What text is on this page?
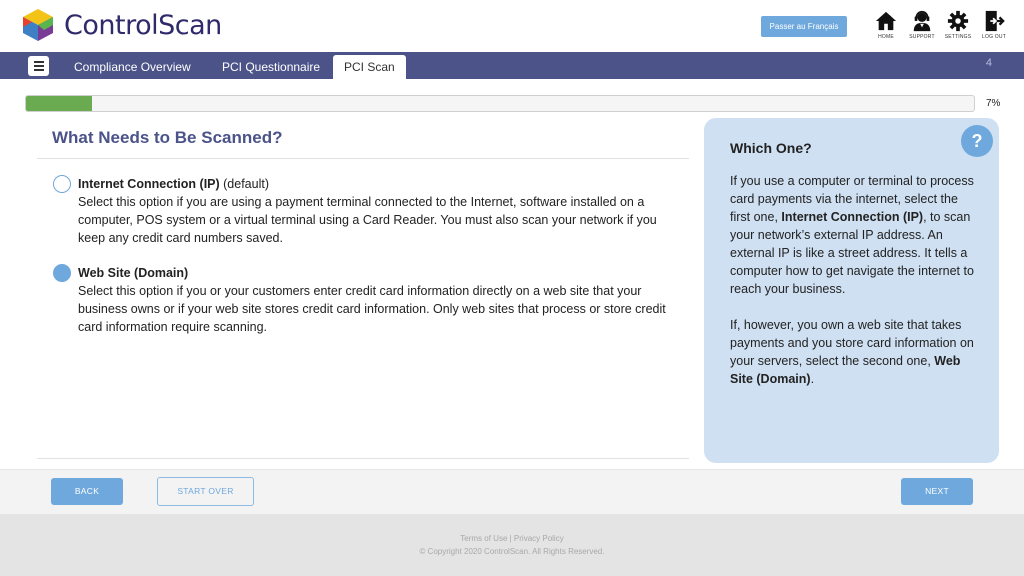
ControlScan	Passer au Français
HOME	SUPPORT SETTINGS LOG OUT
Compliance Overview	PCI Questionnaire	PCI Scan	4
7%
What Needs to Be Scanned?
Internet Connection (IP) (default)
Select this option if you are using a payment terminal connected to the Internet, software installed on a computer, POS system or a virtual terminal using a Card Reader. You must also scan your network if you keep any credit card numbers saved.
Web Site (Domain)
Select this option if you or your customers enter credit card information directly on a web site that your business owns or if your web site stores credit card information. Only web sites that process or store credit card information require scanning.
?
Which One?

If you use a computer or terminal to process card payments via the internet, select the first one, Internet Connection (IP), to scan your network’s external IP address. An external IP is like a street address. It tells a computer how to get navigate the internet to reach your business.

If, however, you own a web site that takes payments and you store card information on your servers, select the second one, Web Site (Domain).

BACK	START OVER	NEXT
Terms of Use | Privacy Policy
© Copyright 2020 ControlScan. All Rights Reserved.
